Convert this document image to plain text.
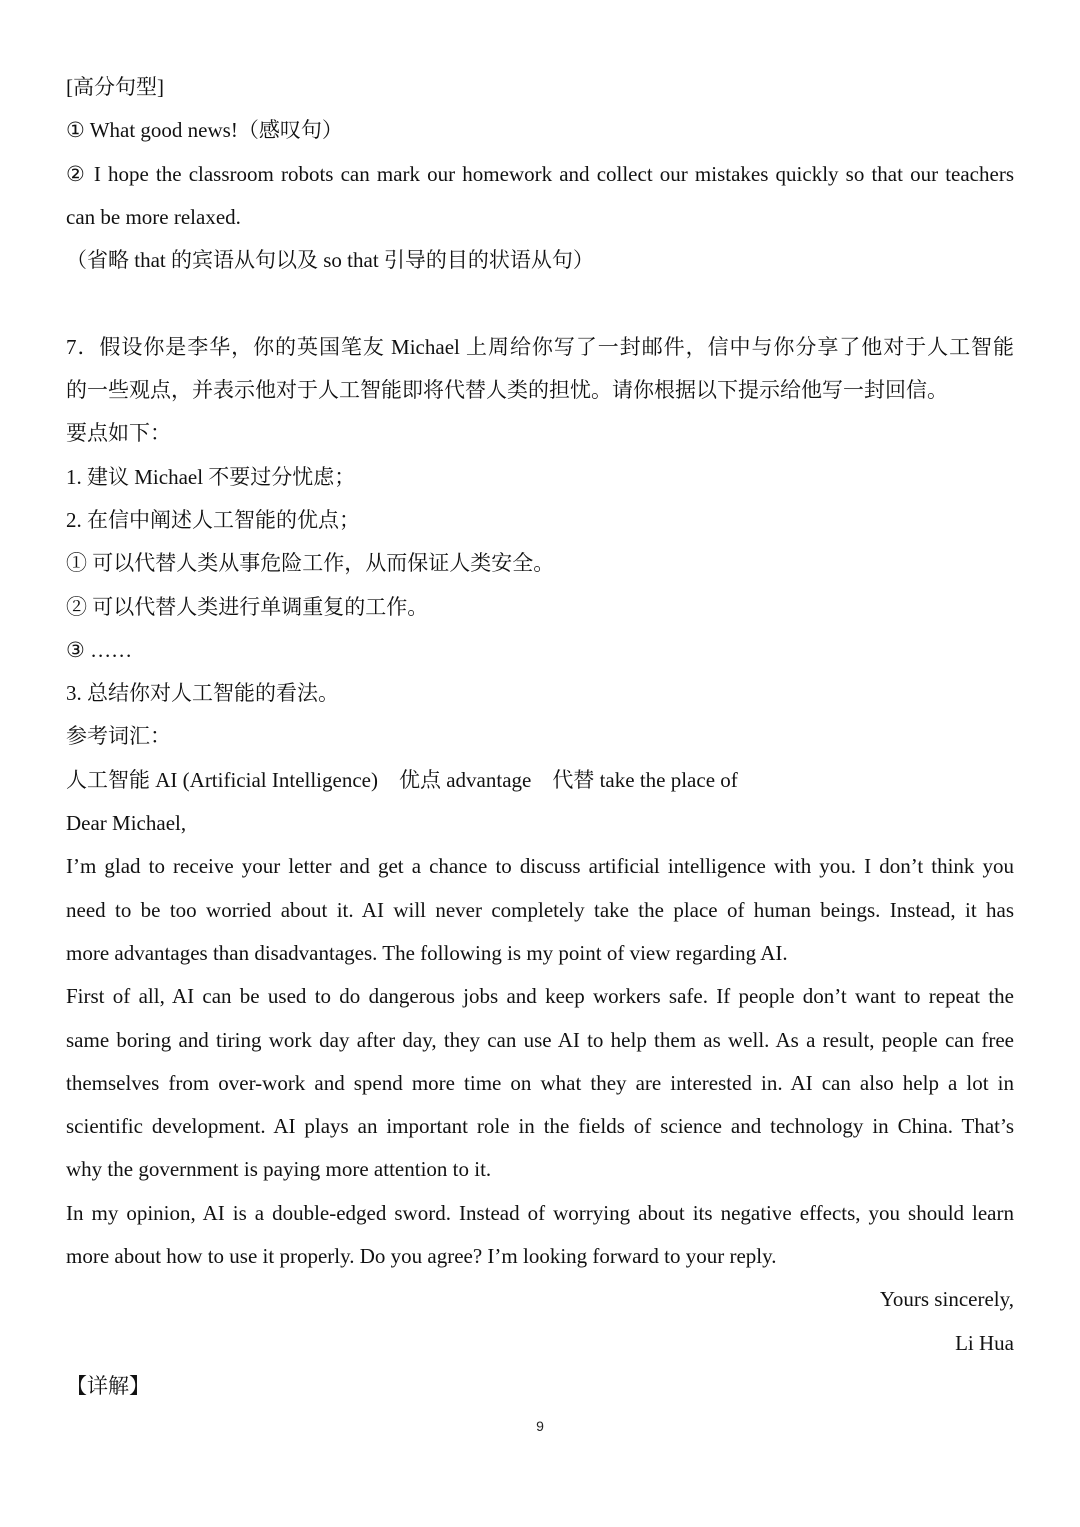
[高分句型]
① What good news!（感叹句）
② I hope the classroom robots can mark our homework and collect our mistakes quickly so that our teachers
can be more relaxed.
（省略 that 的宾语从句以及 so that 引导的目的状语从句）
7．假设你是李华，你的英国笔友 Michael 上周给你写了一封邮件，信中与你分享了他对于人工智能
的一些观点，并表示他对于人工智能即将代替人类的担忧。请你根据以下提示给他写一封回信。
要点如下：
1. 建议 Michael 不要过分忧虑；
2. 在信中阐述人工智能的优点；
① 可以代替人类从事危险工作，从而保证人类安全。
② 可以代替人类进行单调重复的工作。
③ ……
3. 总结你对人工智能的看法。
参考词汇：
人工智能 AI (Artificial Intelligence)　优点 advantage　代替 take the place of
Dear Michael,
I’m glad to receive your letter and get a chance to discuss artificial intelligence with you. I don’t think you
need to be too worried about it. AI will never completely take the place of human beings. Instead, it has
more advantages than disadvantages. The following is my point of view regarding AI.
First of all, AI can be used to do dangerous jobs and keep workers safe. If people don’t want to repeat the
same boring and tiring work day after day, they can use AI to help them as well. As a result, people can free
themselves from over-work and spend more time on what they are interested in. AI can also help a lot in
scientific development. AI plays an important role in the fields of science and technology in China. That’s
why the government is paying more attention to it.
In my opinion, AI is a double-edged sword. Instead of worrying about its negative effects, you should learn
more about how to use it properly. Do you agree? I’m looking forward to your reply.
Yours sincerely,
Li Hua
【详解】
9
